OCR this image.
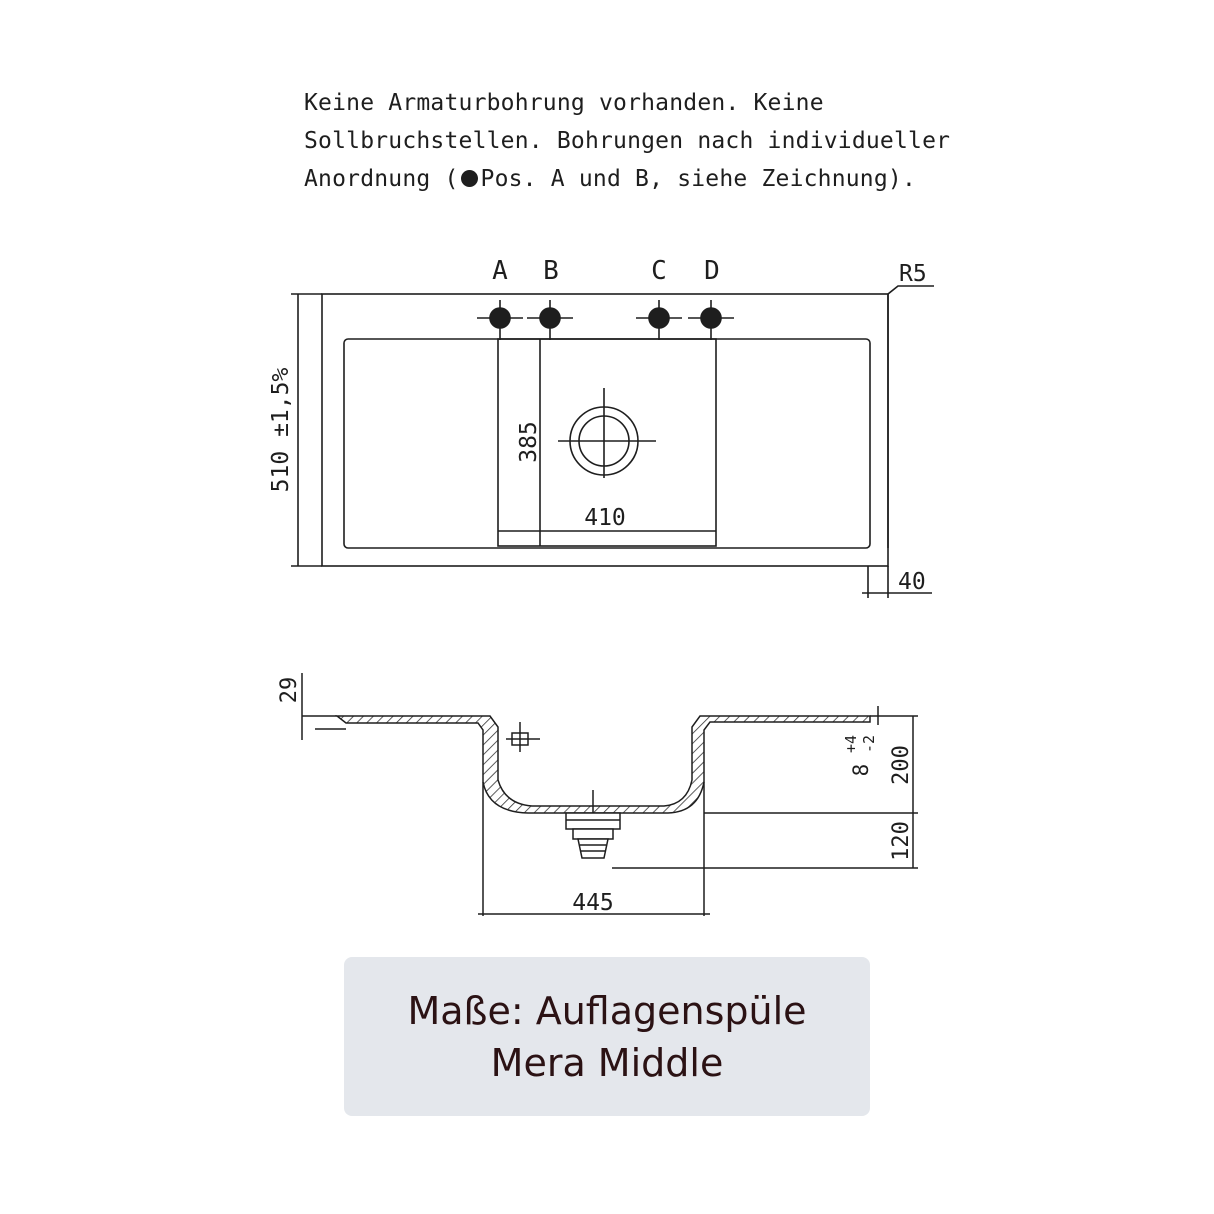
Keine Armaturbohrung vorhanden. Keine
Sollbruchstellen. Bohrungen nach individueller
Anordnung ( Pos. A und B, siehe Zeichnung).
A B	C D	R5
510 ±1,5%	385
410
40
29
8
+4 -2
200
120
445
Maße: Auflagenspüle
Mera Middle
